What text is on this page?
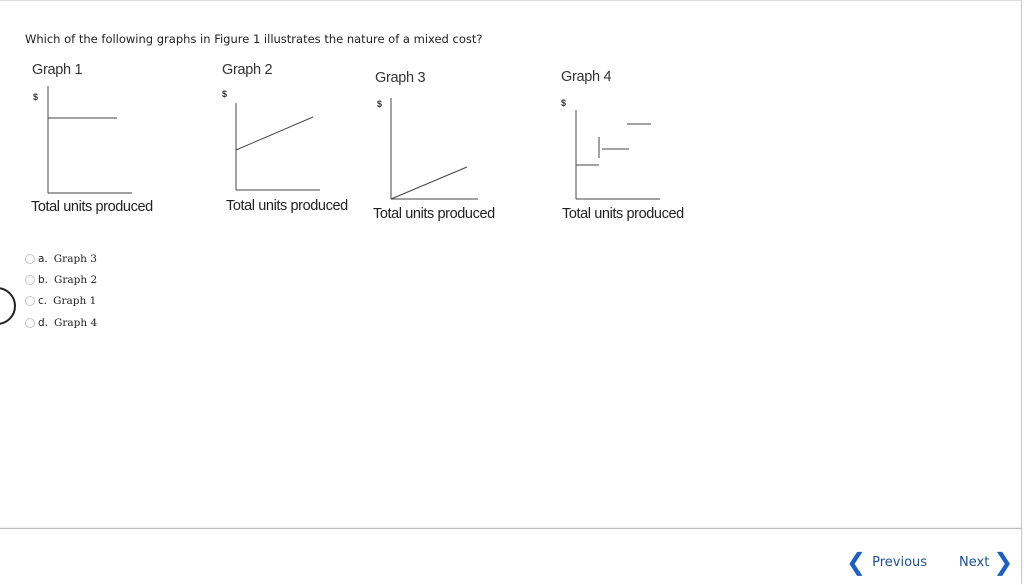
Which of the following graphs in Figure 1 illustrates the nature of a mixed cost?
Graph 1
$
Total units produced
Graph 2
$
Total units produced
Graph 3
$
Total units produced
Graph 4
$
Total units produced
a. Graph 3
b. Graph 2
c. Graph 1
d. Graph 4
❮ Previous Next ❯
